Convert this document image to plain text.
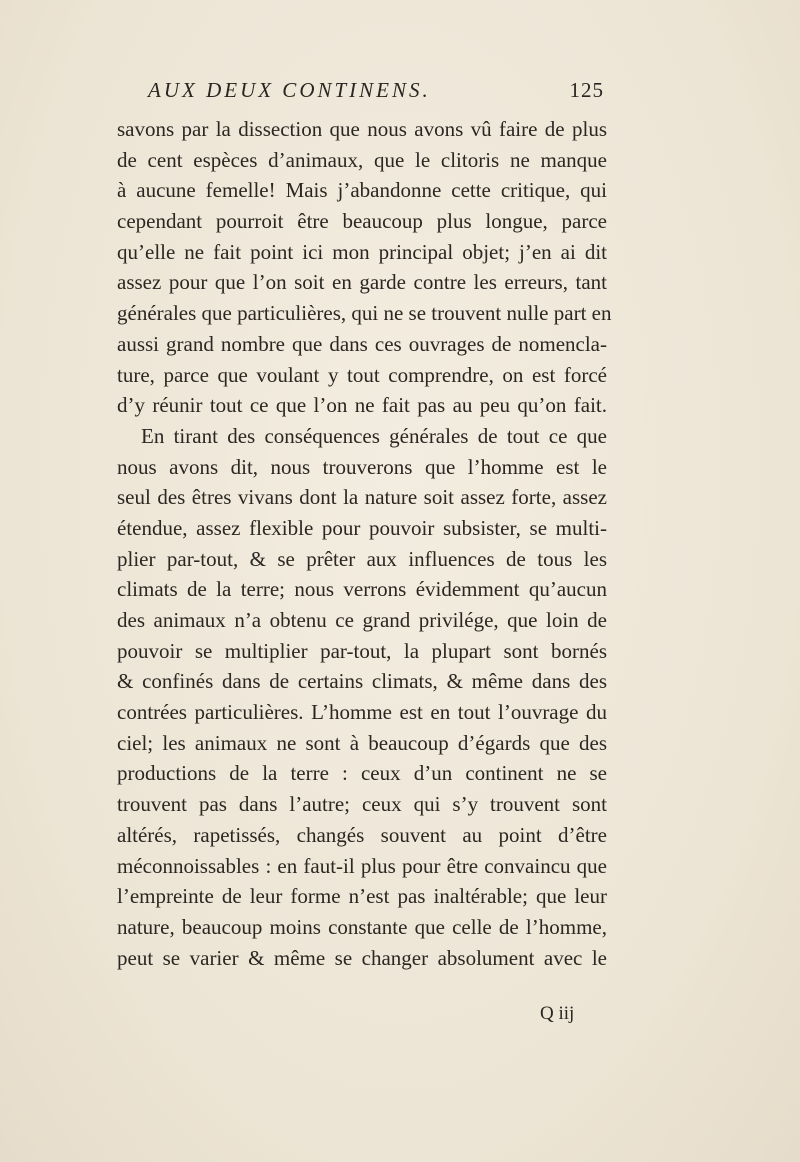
AUX DEUX CONTINENS.	125
savons par la dissection que nous avons vû faire de plus
de cent espèces d’animaux, que le clitoris ne manque
à aucune femelle! Mais j’abandonne cette critique, qui
cependant pourroit être beaucoup plus longue, parce
qu’elle ne fait point ici mon principal objet; j’en ai dit
assez pour que l’on soit en garde contre les erreurs, tant
générales que particulières, qui ne se trouvent nulle part en
aussi grand nombre que dans ces ouvrages de nomencla-
ture, parce que voulant y tout comprendre, on est forcé
d’y réunir tout ce que l’on ne fait pas au peu qu’on fait.
En tirant des conséquences générales de tout ce que
nous avons dit, nous trouverons que l’homme est le
seul des êtres vivans dont la nature soit assez forte, assez
étendue, assez flexible pour pouvoir subsister, se multi-
plier par-tout, & se prêter aux influences de tous les
climats de la terre; nous verrons évidemment qu’aucun
des animaux n’a obtenu ce grand privilége, que loin de
pouvoir se multiplier par-tout, la plupart sont bornés
& confinés dans de certains climats, & même dans des
contrées particulières. L’homme est en tout l’ouvrage du
ciel; les animaux ne sont à beaucoup d’égards que des
productions de la terre : ceux d’un continent ne se
trouvent pas dans l’autre; ceux qui s’y trouvent sont
altérés, rapetissés, changés souvent au point d’être
méconnoissables : en faut-il plus pour être convaincu que
l’empreinte de leur forme n’est pas inaltérable; que leur
nature, beaucoup moins constante que celle de l’homme,
peut se varier & même se changer absolument avec le
Q iij
